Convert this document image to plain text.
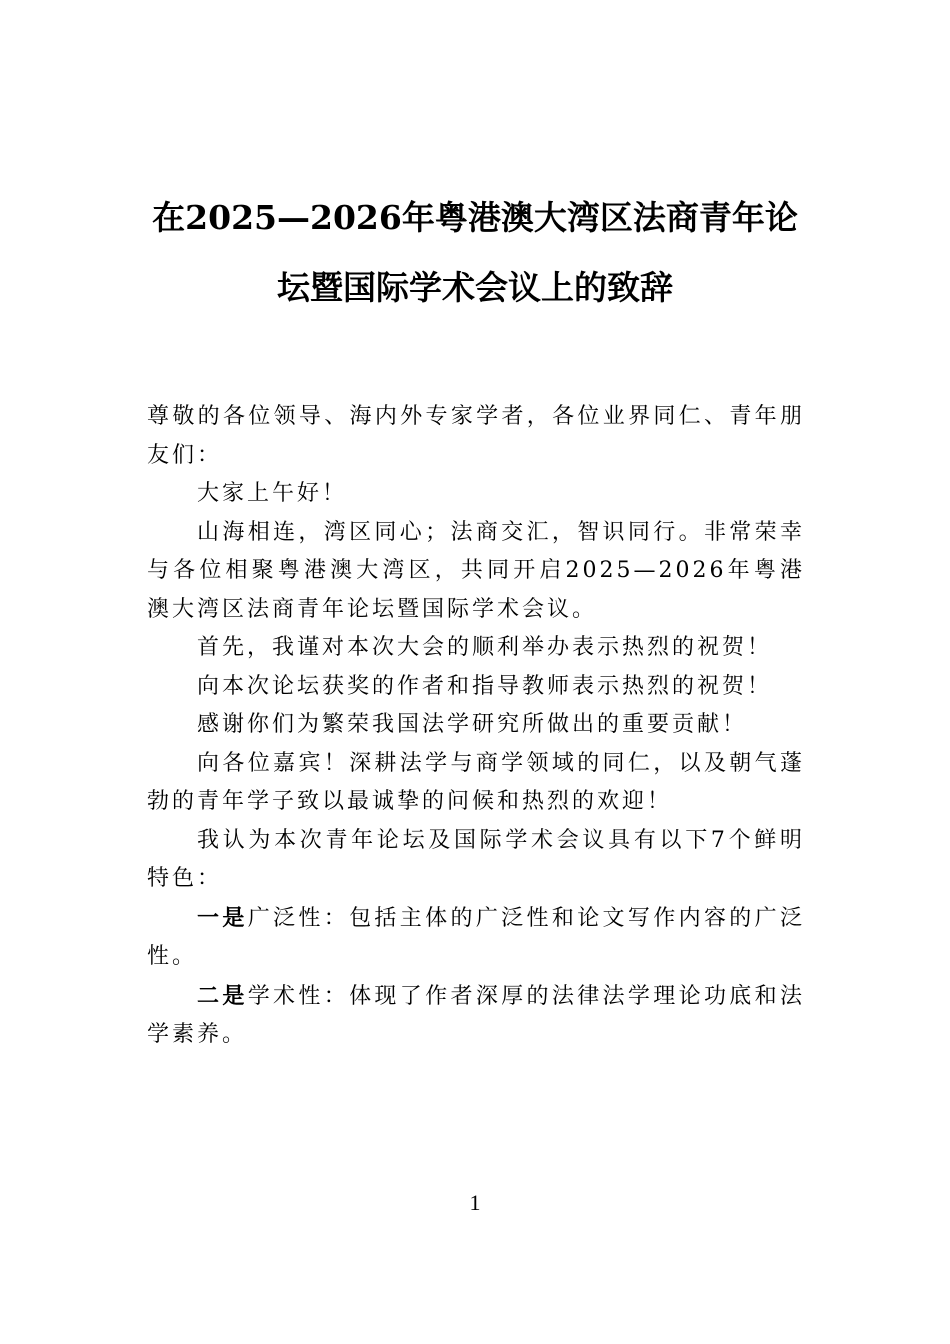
在2025—2026年粤港澳大湾区法商青年论
坛暨国际学术会议上的致辞

尊敬的各位领导、海内外专家学者，各位业界同仁、青年朋友们：

大家上午好！

山海相连，湾区同心；法商交汇，智识同行。非常荣幸与各位相聚粤港澳大湾区，共同开启2025—2026年粤港澳大湾区法商青年论坛暨国际学术会议。

首先，我谨对本次大会的顺利举办表示热烈的祝贺！

向本次论坛获奖的作者和指导教师表示热烈的祝贺！

感谢你们为繁荣我国法学研究所做出的重要贡献！

向各位嘉宾！深耕法学与商学领域的同仁，以及朝气蓬勃的青年学子致以最诚挚的问候和热烈的欢迎！

我认为本次青年论坛及国际学术会议具有以下7个鲜明特色：

一是广泛性：包括主体的广泛性和论文写作内容的广泛性。

二是学术性：体现了作者深厚的法律法学理论功底和法学素养。

1
